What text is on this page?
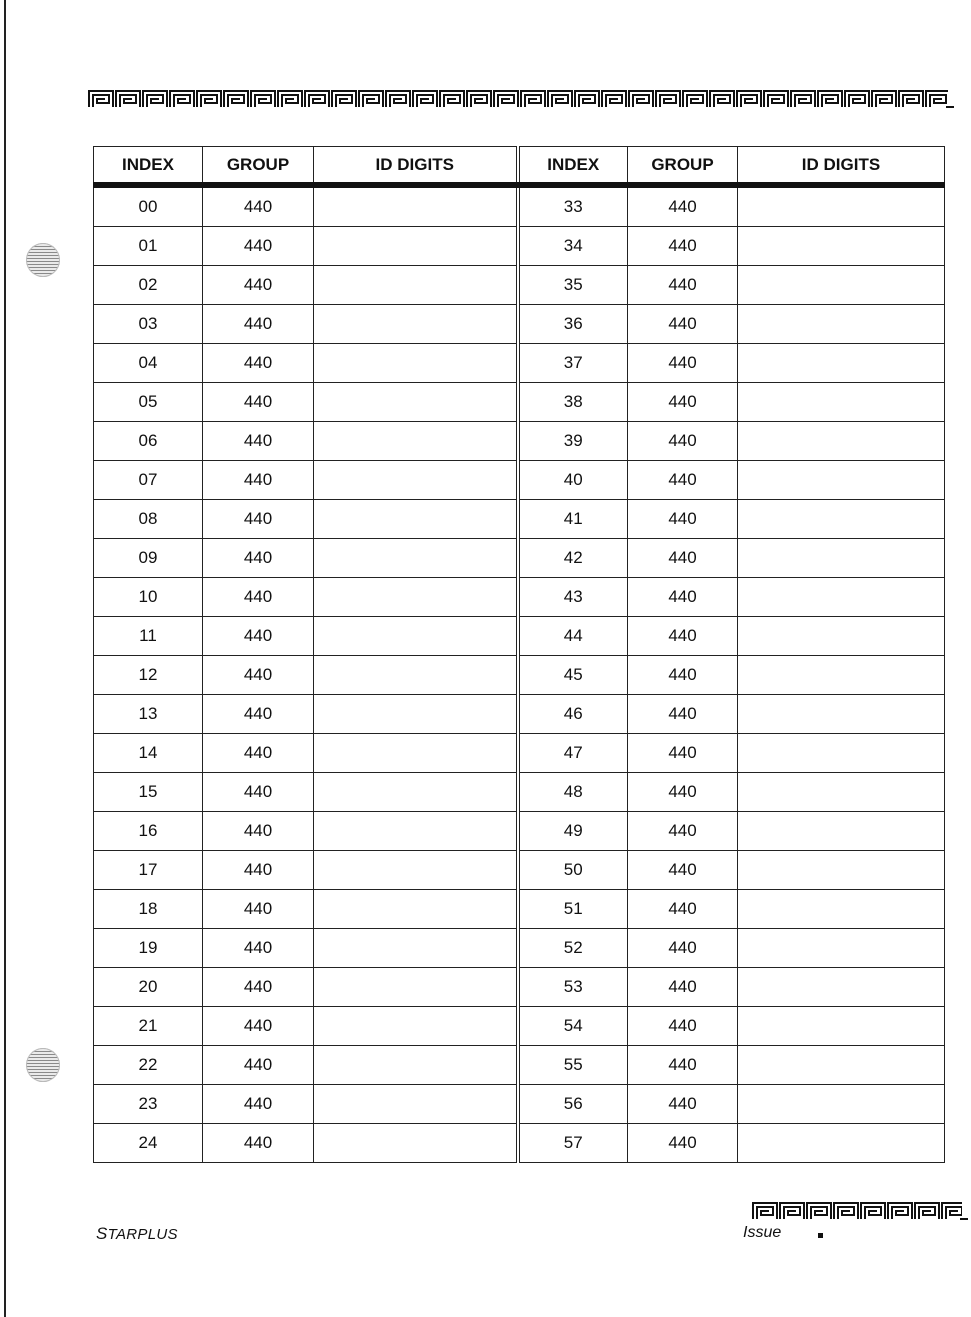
INDEX	GROUP	ID DIGITS	INDEX	GROUP	ID DIGITS
00	440		33	440	
01	440		34	440	
02	440		35	440	
03	440		36	440	
04	440		37	440	
05	440		38	440	
06	440		39	440	
07	440		40	440	
08	440		41	440	
09	440		42	440	
10	440		43	440	
11	440		44	440	
12	440		45	440	
13	440		46	440	
14	440		47	440	
15	440		48	440	
16	440		49	440	
17	440		50	440	
18	440		51	440	
19	440		52	440	
20	440		53	440	
21	440		54	440	
22	440		55	440	
23	440		56	440	
24	440		57	440	
STARPLUS	Issue
